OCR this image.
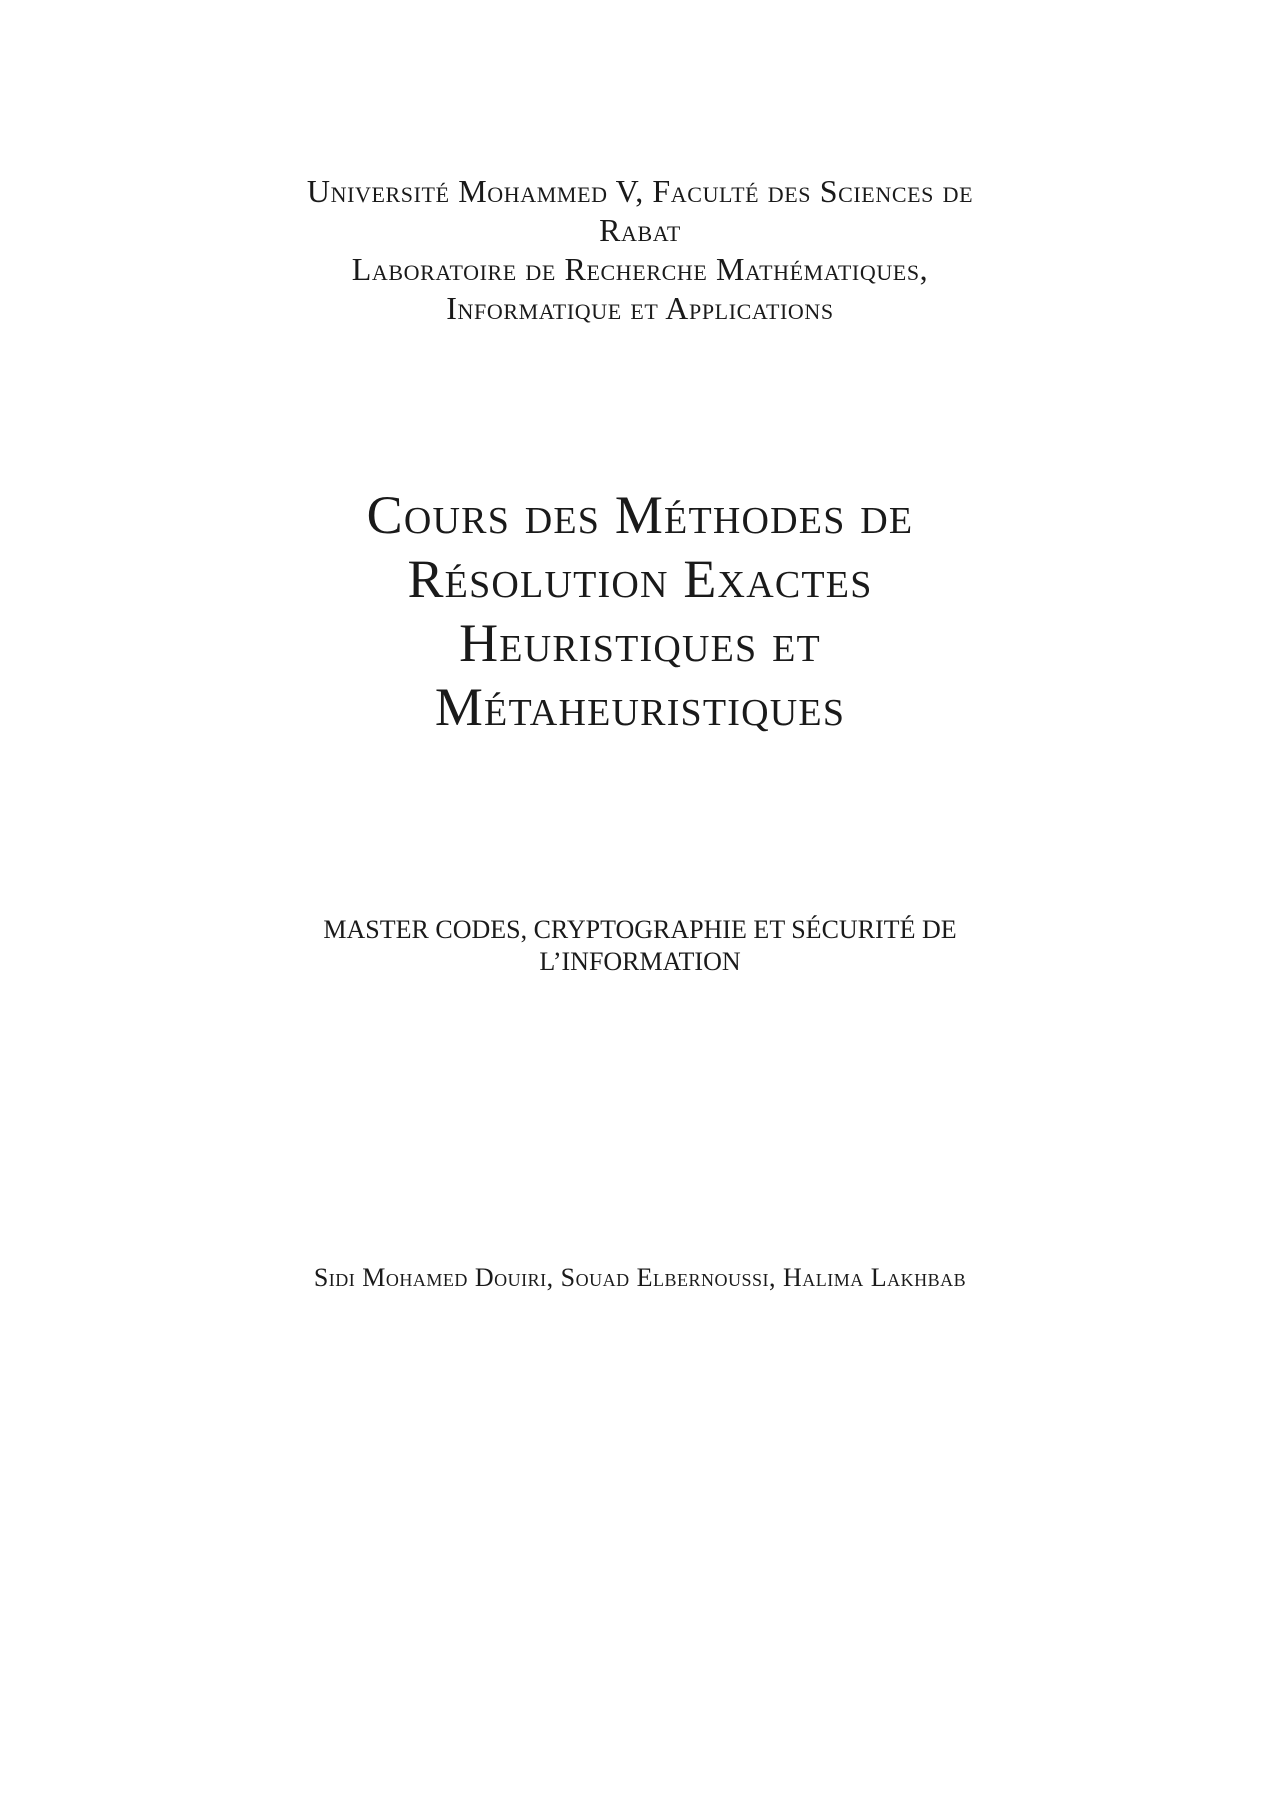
Université Mohammed V, Faculté des Sciences de
Rabat
Laboratoire de Recherche Mathématiques,
Informatique et Applications
Cours des Méthodes de
Résolution Exactes
Heuristiques et
Métaheuristiques
MASTER CODES, CRYPTOGRAPHIE ET SÉCURITÉ DE
L’INFORMATION
Sidi Mohamed Douiri, Souad Elbernoussi, Halima Lakhbab
